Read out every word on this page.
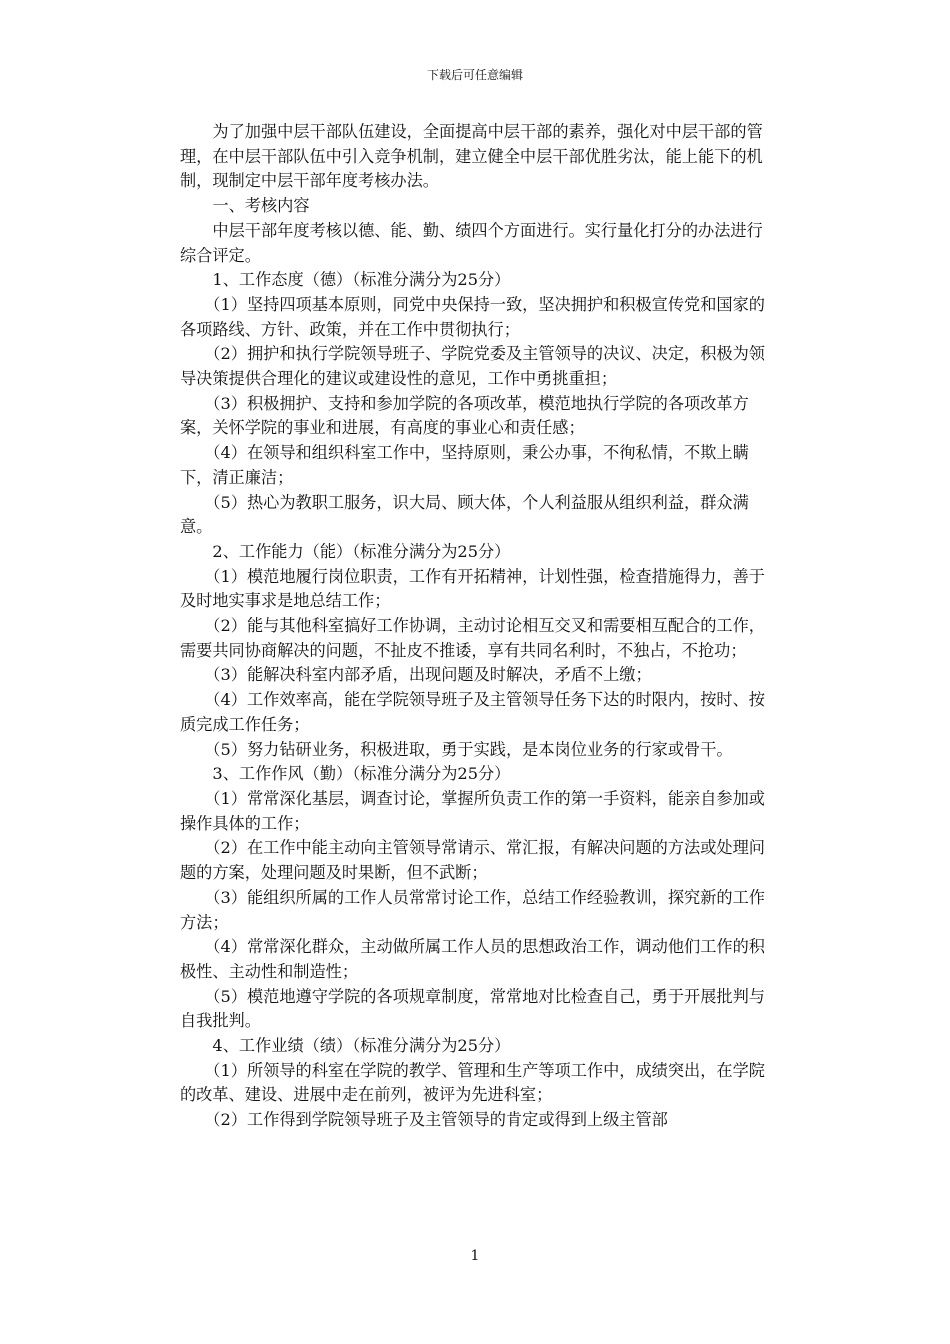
下载后可任意编辑

为了加强中层干部队伍建设，全面提高中层干部的素养，强化对中层干部的管理，在中层干部队伍中引入竞争机制，建立健全中层干部优胜劣汰，能上能下的机制，现制定中层干部年度考核办法。

一、考核内容

中层干部年度考核以德、能、勤、绩四个方面进行。实行量化打分的办法进行综合评定。

1、工作态度（德）（标准分满分为25分）

（1）坚持四项基本原则，同党中央保持一致，坚决拥护和积极宣传党和国家的各项路线、方针、政策，并在工作中贯彻执行；

（2）拥护和执行学院领导班子、学院党委及主管领导的决议、决定，积极为领导决策提供合理化的建议或建设性的意见，工作中勇挑重担；

（3）积极拥护、支持和参加学院的各项改革，模范地执行学院的各项改革方案，关怀学院的事业和进展，有高度的事业心和责任感；

（4）在领导和组织科室工作中，坚持原则，秉公办事，不徇私情，不欺上瞒下，清正廉洁；

（5）热心为教职工服务，识大局、顾大体，个人利益服从组织利益，群众满意。

2、工作能力（能）（标准分满分为25分）

（1）模范地履行岗位职责，工作有开拓精神，计划性强，检查措施得力，善于及时地实事求是地总结工作；

（2）能与其他科室搞好工作协调，主动讨论相互交叉和需要相互配合的工作，需要共同协商解决的问题，不扯皮不推诿，享有共同名利时，不独占，不抢功；

（3）能解决科室内部矛盾，出现问题及时解决，矛盾不上缴；

（4）工作效率高，能在学院领导班子及主管领导任务下达的时限内，按时、按质完成工作任务；

（5）努力钻研业务，积极进取，勇于实践，是本岗位业务的行家或骨干。

3、工作作风（勤）（标准分满分为25分）

（1）常常深化基层，调查讨论，掌握所负责工作的第一手资料，能亲自参加或操作具体的工作；

（2）在工作中能主动向主管领导常请示、常汇报，有解决问题的方法或处理问题的方案，处理问题及时果断，但不武断；

（3）能组织所属的工作人员常常讨论工作，总结工作经验教训，探究新的工作方法；

（4）常常深化群众，主动做所属工作人员的思想政治工作，调动他们工作的积极性、主动性和制造性；

（5）模范地遵守学院的各项规章制度，常常地对比检查自己，勇于开展批判与自我批判。

4、工作业绩（绩）（标准分满分为25分）

（1）所领导的科室在学院的教学、管理和生产等项工作中，成绩突出，在学院的改革、建设、进展中走在前列，被评为先进科室；

（2）工作得到学院领导班子及主管领导的肯定或得到上级主管部

1
